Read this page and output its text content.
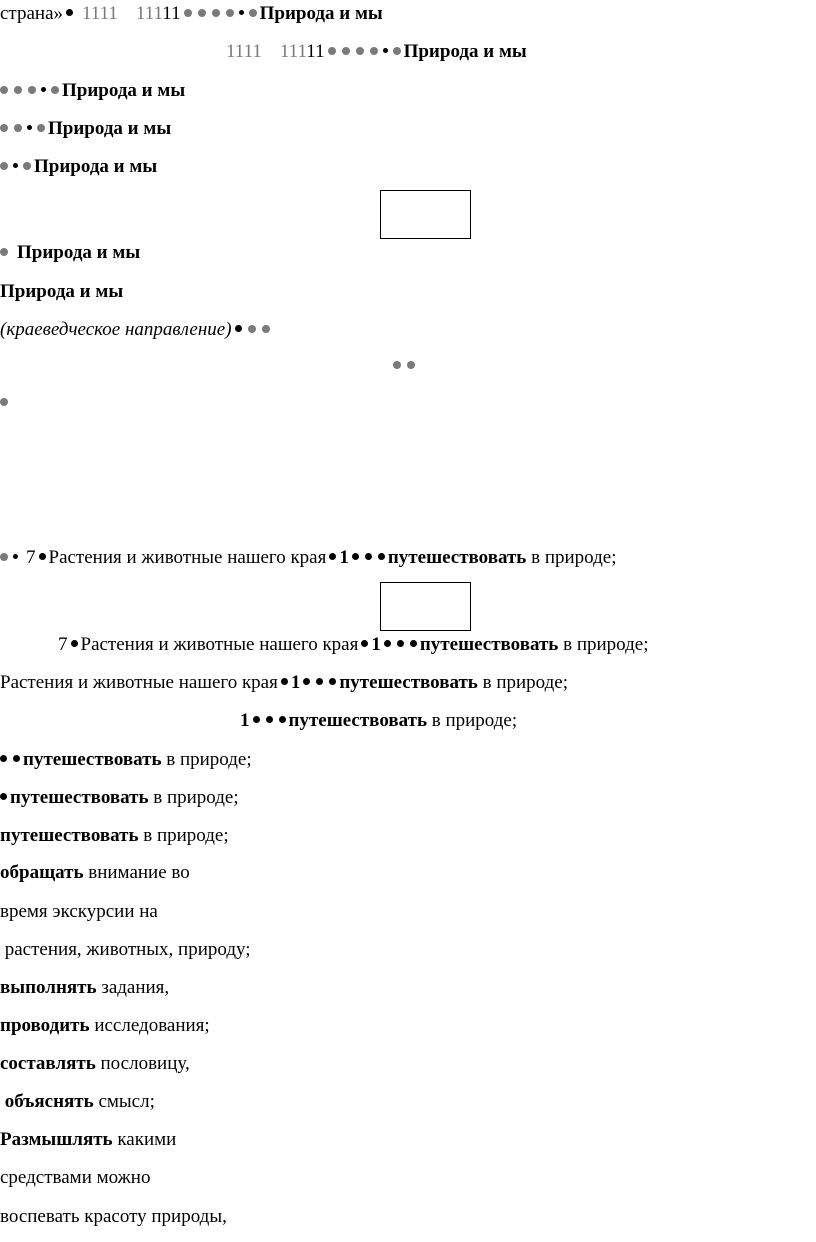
страна» 1111 11111	Природа и мы
1111 11111	Природа и мы
Природа и мы
Природа и мы
Природа и мы
Природа и мы
Природа и мы
(краеведческое направление)
7 Растения и животные нашего края 1 путешествовать в природе;
7 Растения и животные нашего края 1 путешествовать в природе;
Растения и животные нашего края 1 путешествовать в природе;
1 путешествовать в природе;
путешествовать в природе;
путешествовать в природе;
путешествовать в природе;
обращать внимание во
время экскурсии на
растения, животных, природу;
выполнять задания,
проводить исследования;
составлять пословицу,
объяснять смысл;
Размышлять какими
средствами можно
воспевать красоту природы,
